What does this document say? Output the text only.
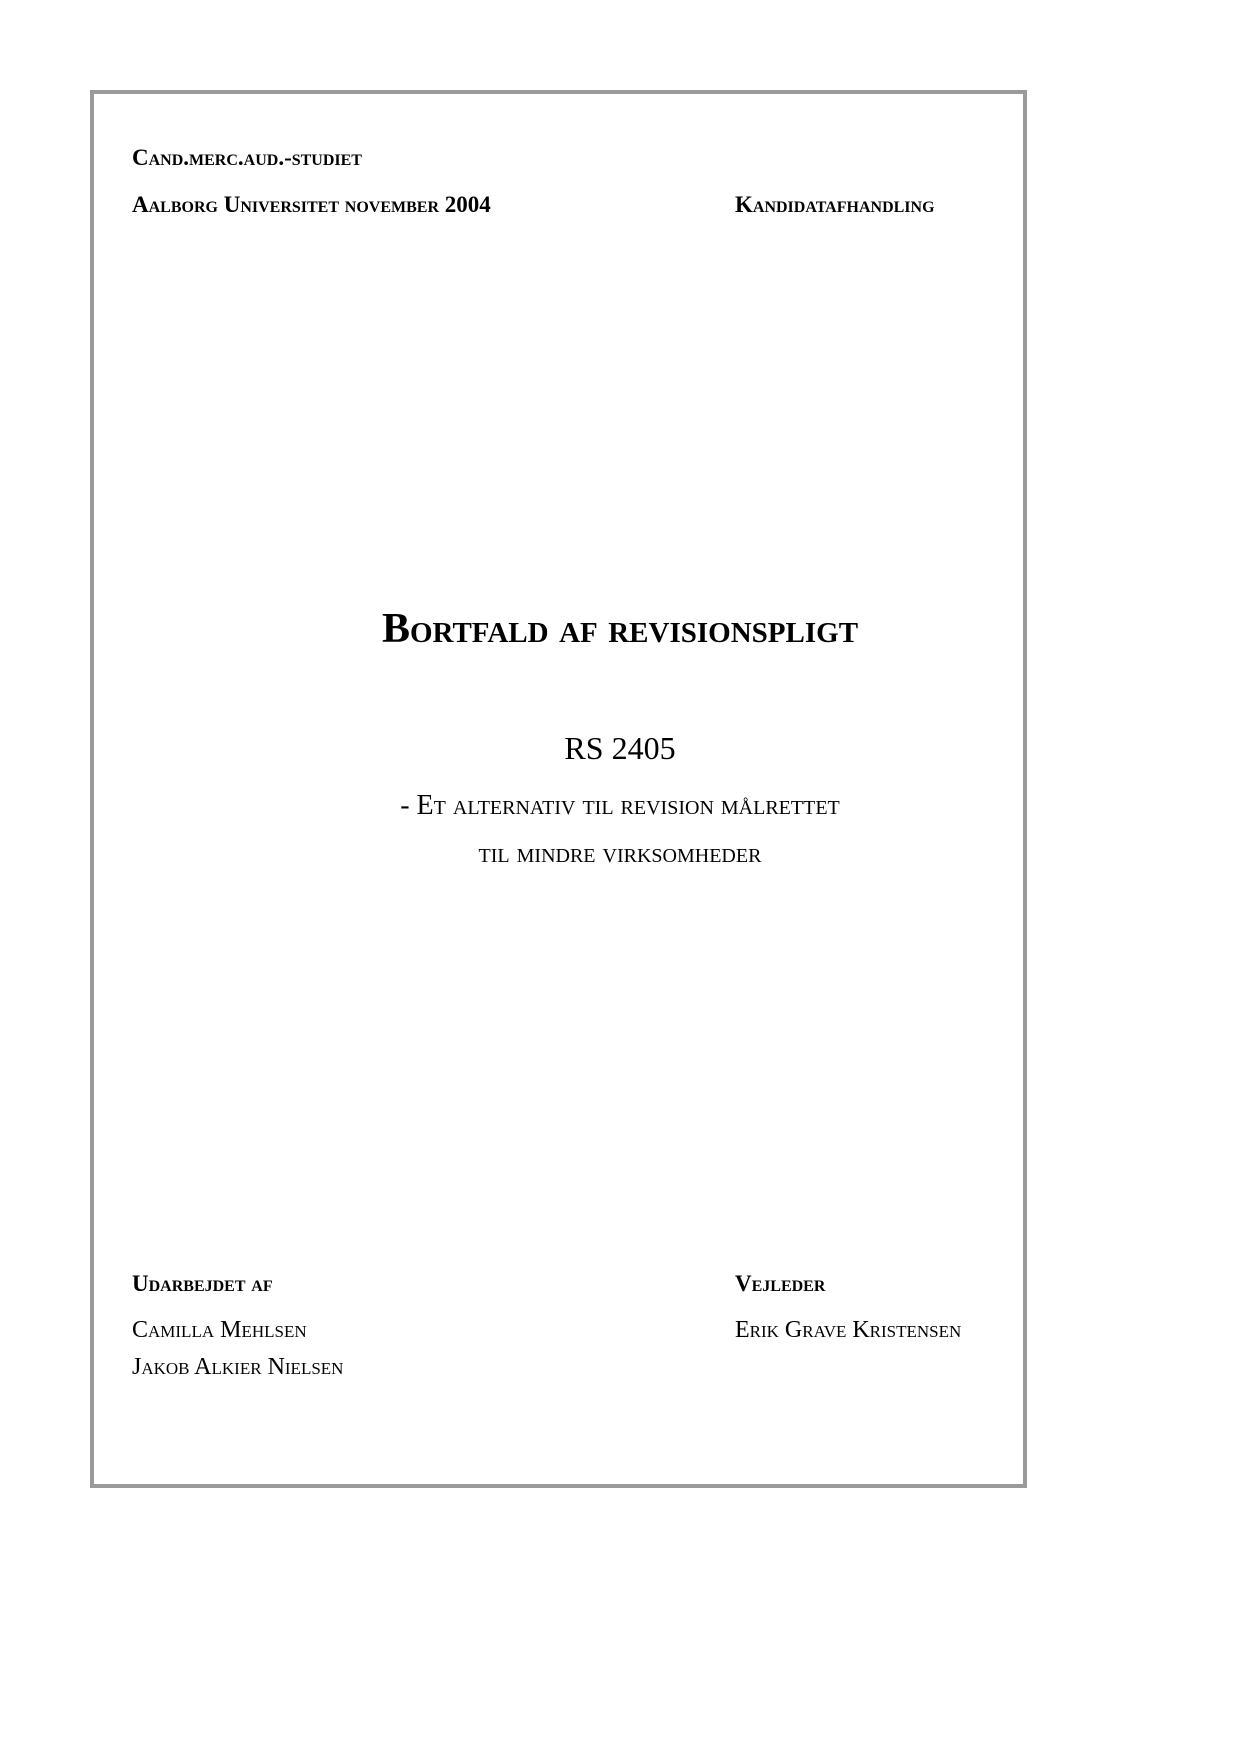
Cand.merc.aud.-studiet
Aalborg Universitet november 2004	Kandidatafhandling
Bortfald af revisionspligt
RS 2405
- Et alternativ til revision målrettet
til mindre virksomheder
Udarbejdet af
Camilla Mehlsen
Jakob Alkier Nielsen
Vejleder
Erik Grave Kristensen
